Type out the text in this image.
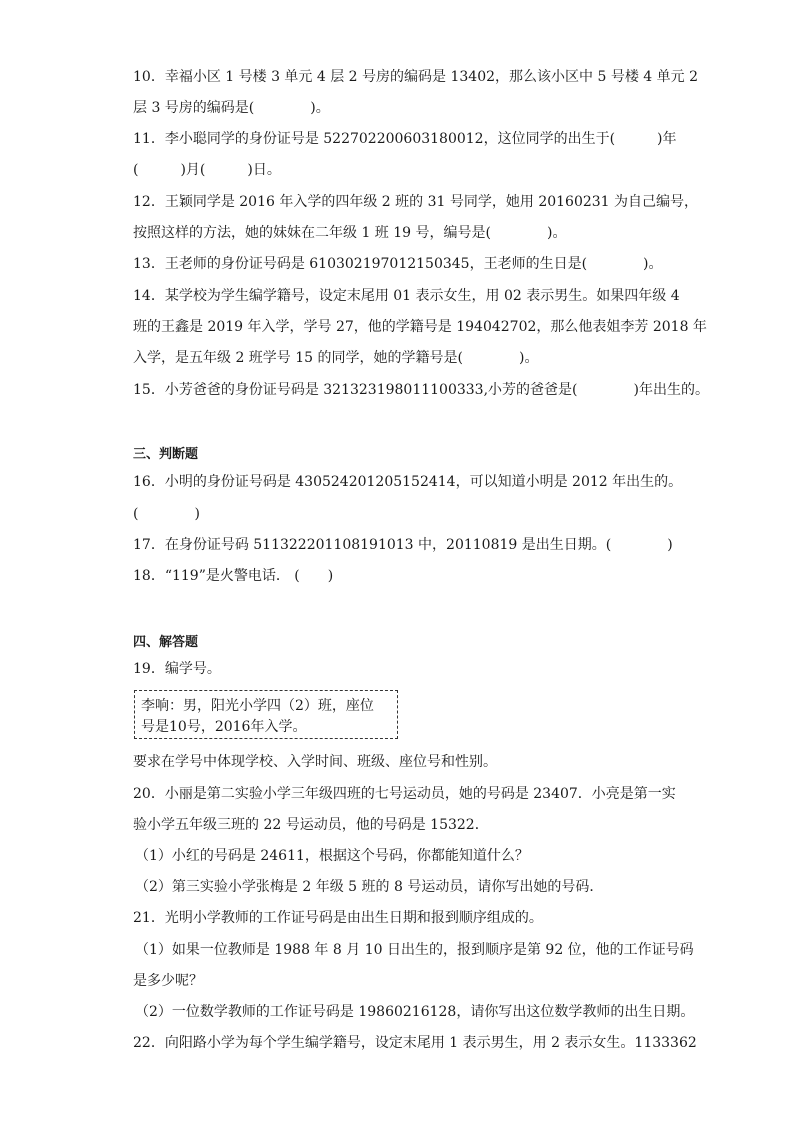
10．幸福小区 1 号楼 3 单元 4 层 2 号房的编码是 13402，那么该小区中 5 号楼 4 单元 2
层 3 号房的编码是(　　　　)。
11．李小聪同学的身份证号是 522702200603180012，这位同学的出生于(　　　)年
(　　　)月(　　　)日。
12．王颖同学是 2016 年入学的四年级 2 班的 31 号同学，她用 20160231 为自己编号，
按照这样的方法，她的妹妹在二年级 1 班 19 号，编号是(　　　　)。
13．王老师的身份证号码是 610302197012150345，王老师的生日是(　　　　)。
14．某学校为学生编学籍号，设定末尾用 01 表示女生，用 02 表示男生。如果四年级 4
班的王鑫是 2019 年入学，学号 27，他的学籍号是 194042702，那么他表姐李芳 2018 年
入学，是五年级 2 班学号 15 的同学，她的学籍号是(　　　　)。
15．小芳爸爸的身份证号码是 321323198011100333,小芳的爸爸是(　　　　)年出生的。
三、判断题
16．小明的身份证号码是 430524201205152414，可以知道小明是 2012 年出生的。
(　　　　)
17．在身份证号码 511322201108191013 中，20110819 是出生日期。(　　　　)
18．“119”是火警电话． (　　)
四、解答题
19．编学号。
李响：男，阳光小学四（2）班，座位
号是10号，2016年入学。
要求在学号中体现学校、入学时间、班级、座位号和性别。
20．小丽是第二实验小学三年级四班的七号运动员，她的号码是 23407．小亮是第一实
验小学五年级三班的 22 号运动员，他的号码是 15322．
（1）小红的号码是 24611，根据这个号码，你都能知道什么？
（2）第三实验小学张梅是 2 年级 5 班的 8 号运动员，请你写出她的号码．
21．光明小学教师的工作证号码是由出生日期和报到顺序组成的。
（1）如果一位教师是 1988 年 8 月 10 日出生的，报到顺序是第 92 位，他的工作证号码
是多少呢？
（2）一位数学教师的工作证号码是 19860216128，请你写出这位数学教师的出生日期。
22．向阳路小学为每个学生编学籍号，设定末尾用 1 表示男生，用 2 表示女生。1133362
